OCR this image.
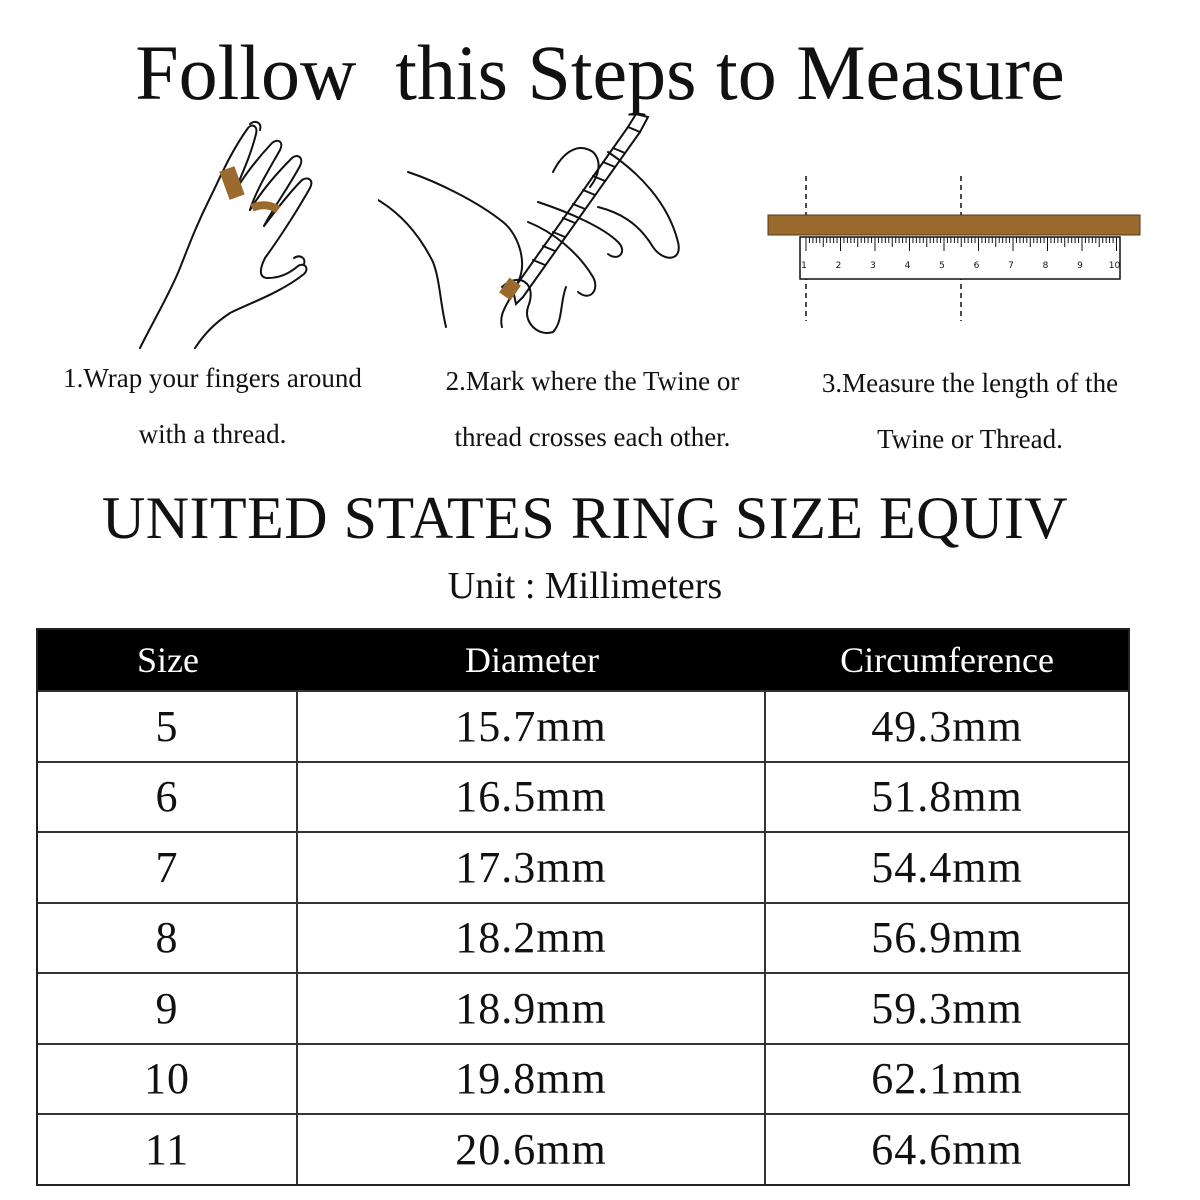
Follow  this Steps to Measure
1	2	3	4	5	6	7	8	9	10
1.Wrap your fingers around
with a thread.
2.Mark where the Twine or
thread crosses each other.
3.Measure the length of the
Twine or Thread.
UNITED STATES RING SIZE EQUIV
Unit : Millimeters
Size	Diameter	Circumference
5	15.7mm	49.3mm
6	16.5mm	51.8mm
7	17.3mm	54.4mm
8	18.2mm	56.9mm
9	18.9mm	59.3mm
10	19.8mm	62.1mm
11	20.6mm	64.6mm
